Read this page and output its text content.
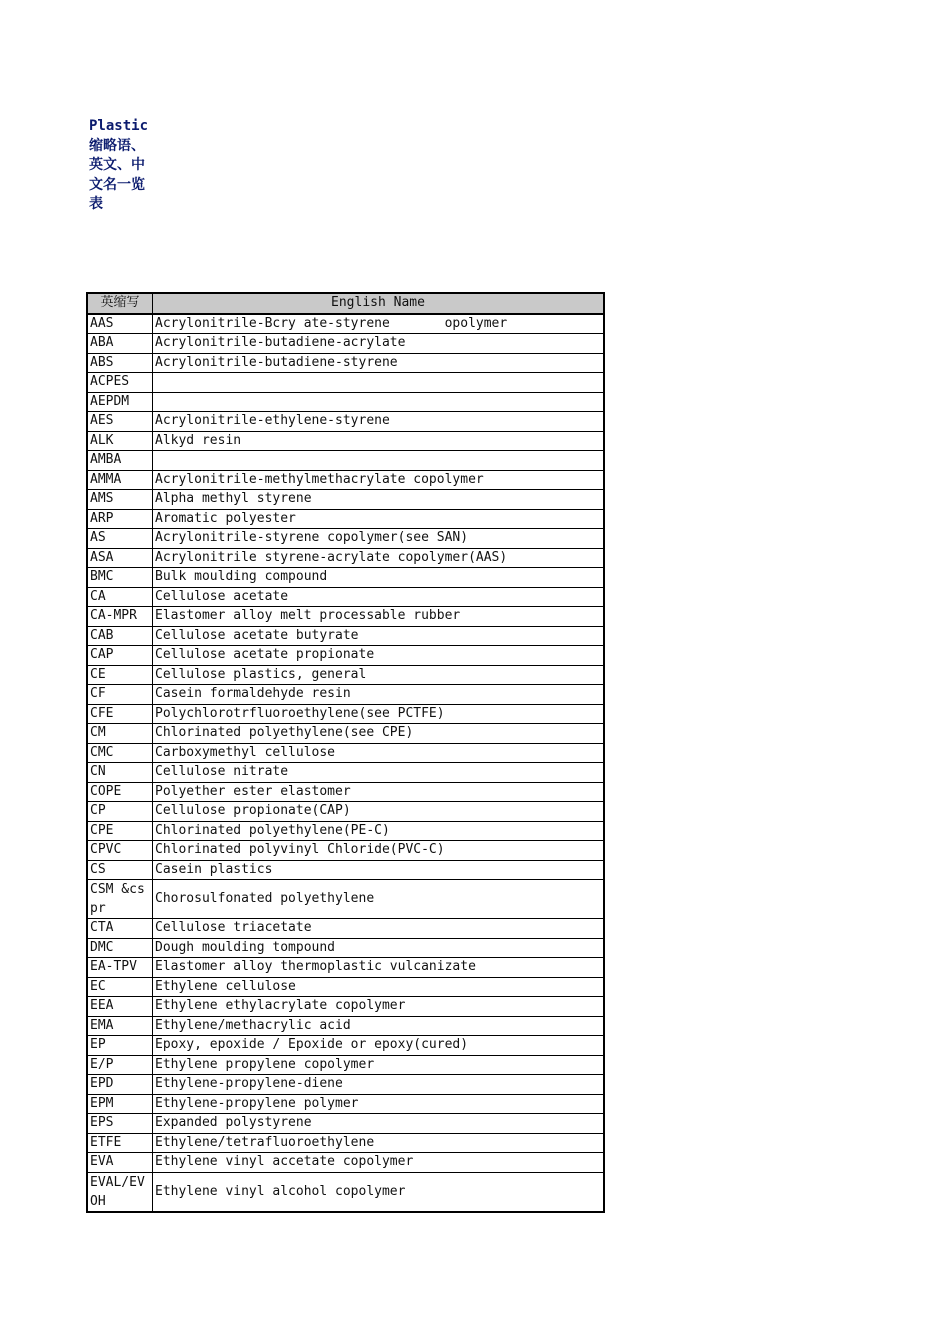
Plastic缩略语、英文、中文名一览表
英缩写	English Name
AAS	Acrylonitrile-Bcry ate-styrene       opolymer
ABA	Acrylonitrile-butadiene-acrylate
ABS	Acrylonitrile-butadiene-styrene
ACPES	
AEPDM	
AES	Acrylonitrile-ethylene-styrene
ALK	Alkyd resin
AMBA	
AMMA	Acrylonitrile-methylmethacrylate copolymer
AMS	Alpha methyl styrene
ARP	Aromatic polyester
AS	Acrylonitrile-styrene copolymer(see SAN)
ASA	Acrylonitrile styrene-acrylate copolymer(AAS)
BMC	Bulk moulding compound
CA	Cellulose acetate
CA-MPR	Elastomer alloy melt processable rubber
CAB	Cellulose acetate butyrate
CAP	Cellulose acetate propionate
CE	Cellulose plastics, general
CF	Casein formaldehyde resin
CFE	Polychlorotrfluoroethylene(see PCTFE)
CM	Chlorinated polyethylene(see CPE)
CMC	Carboxymethyl cellulose
CN	Cellulose nitrate
COPE	Polyether ester elastomer
CP	Cellulose propionate(CAP)
CPE	Chlorinated polyethylene(PE-C)
CPVC	Chlorinated polyvinyl Chloride(PVC-C)
CS	Casein plastics
CSM &cspr	Chorosulfonated polyethylene
CTA	Cellulose triacetate
DMC	Dough moulding tompound
EA-TPV	Elastomer alloy thermoplastic vulcanizate
EC	Ethylene cellulose
EEA	Ethylene ethylacrylate copolymer
EMA	Ethylene/methacrylic acid
EP	Epoxy, epoxide / Epoxide or epoxy(cured)
E/P	Ethylene propylene copolymer
EPD	Ethylene-propylene-diene
EPM	Ethylene-propylene polymer
EPS	Expanded polystyrene
ETFE	Ethylene/tetrafluoroethylene
EVA	Ethylene vinyl accetate copolymer
EVAL/EVOH	Ethylene vinyl alcohol copolymer
